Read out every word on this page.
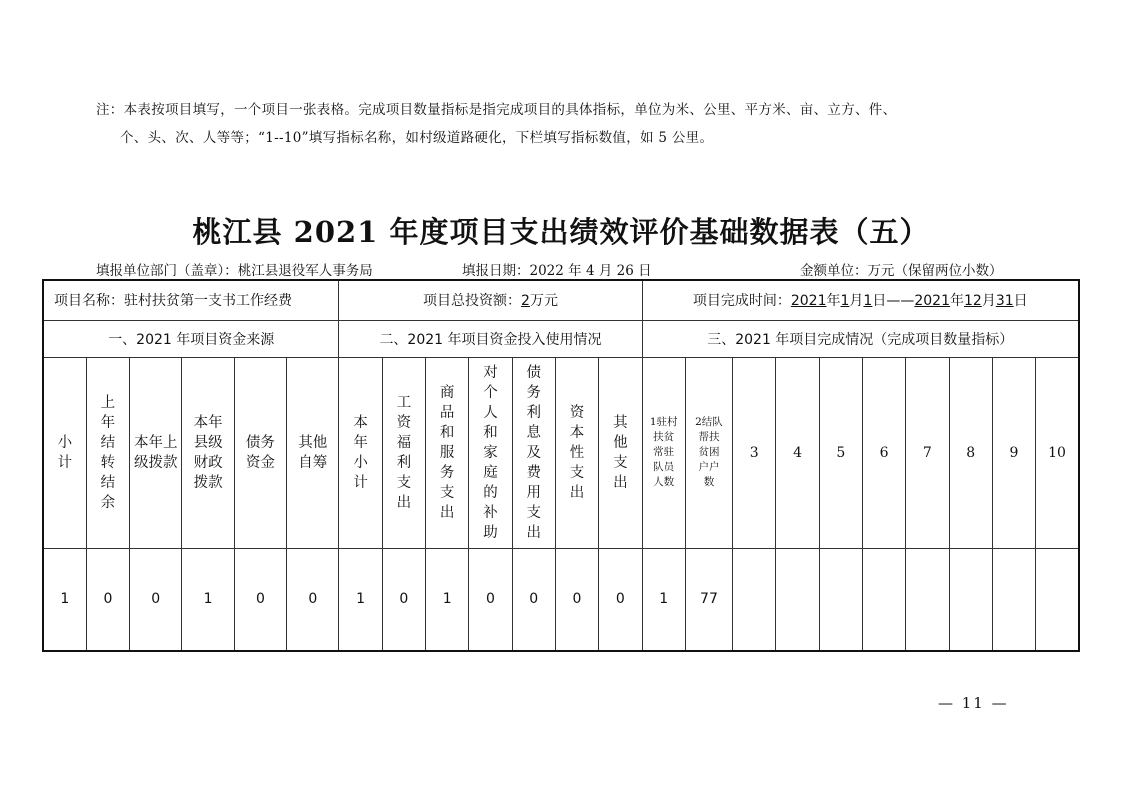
注：本表按项目填写，一个项目一张表格。完成项目数量指标是指完成项目的具体指标，单位为米、公里、平方米、亩、立方、件、
个、头、次、人等等；“1--10”填写指标名称，如村级道路硬化，下栏填写指标数值，如 5 公里。
桃江县 2021 年度项目支出绩效评价基础数据表（五）
填报单位部门（盖章）：桃江县退役军人事务局	填报日期：2022 年 4 月 26 日	金额单位：万元（保留两位小数）
项目名称：驻村扶贫第一支书工作经费						项目总投资额：2万元							项目完成时间：2021年1月1日——2021年12月31日									
一、2021 年项目资金来源						二、2021 年项目资金投入使用情况							三、2021 年项目完成情况（完成项目数量指标）									
小计	上年结转结余	本年上级拨款	本年县级财政拨款	债务资金	其他自筹	本年小计	工资福利支出	商品和服务支出	对个人和家庭的补助	债务利息及费用支出	资本性支出	其他支出	1驻村扶贫常驻队员人数	2结队帮扶贫困户户数	3	4	5	6	7	8	9	10
1	0	0	1	0	0	1	0	1	0	0	0	0	1	77								
— 11 —
